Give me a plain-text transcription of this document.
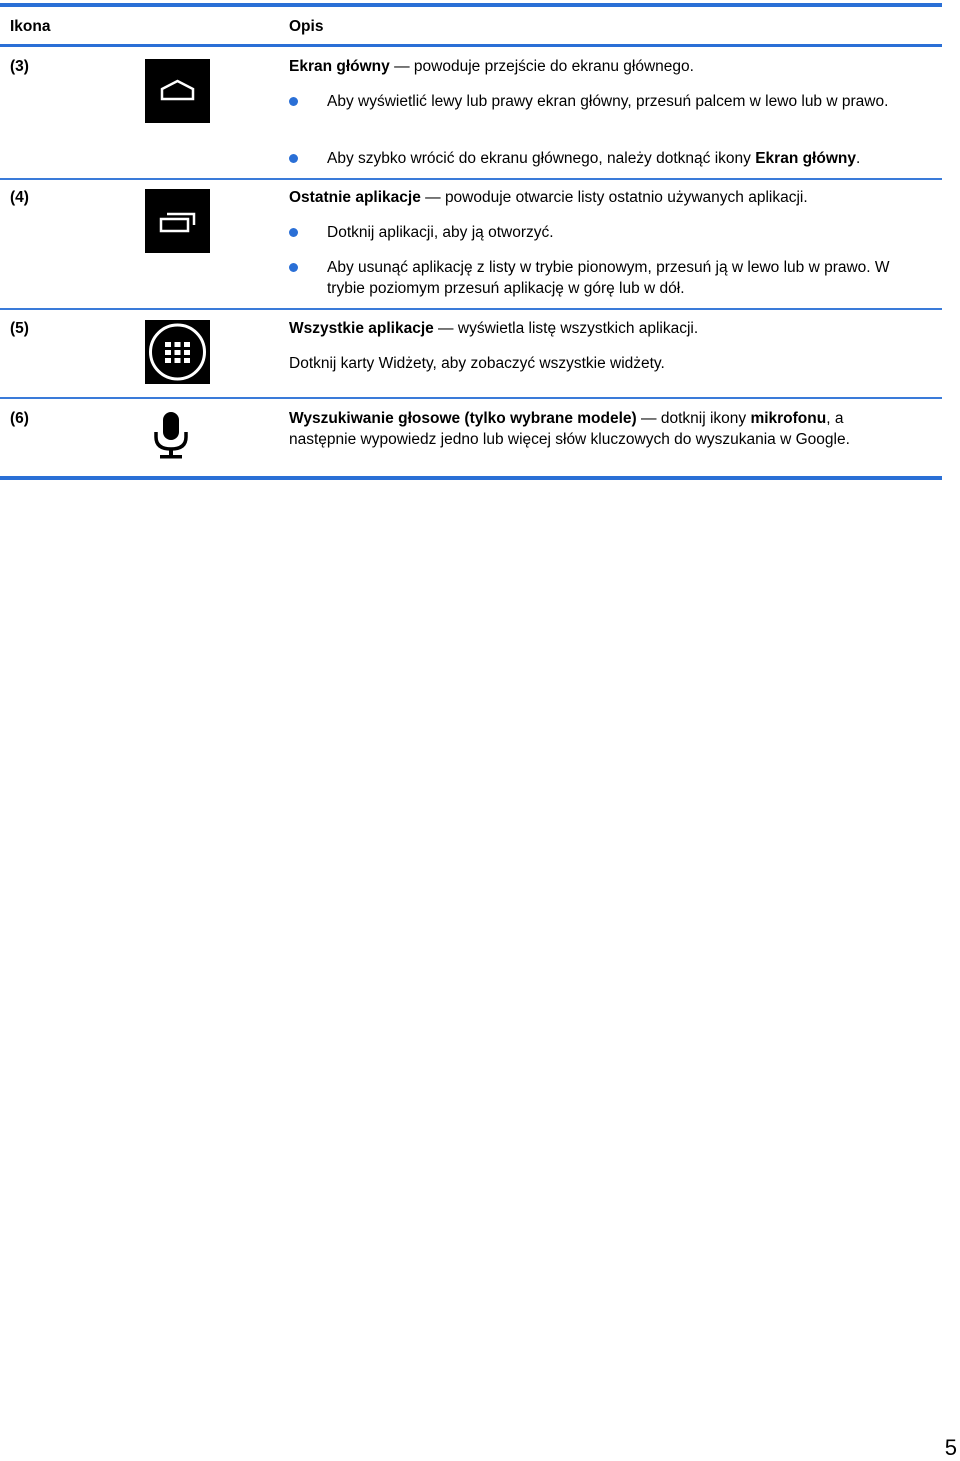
Ikona	Opis
(3)	Ekran główny — powoduje przejście do ekranu głównego.
Aby wyświetlić lewy lub prawy ekran główny, przesuń palcem w lewo lub w prawo.
Aby szybko wrócić do ekranu głównego, należy dotknąć ikony Ekran główny.
(4)	Ostatnie aplikacje — powoduje otwarcie listy ostatnio używanych aplikacji.
Dotknij aplikacji, aby ją otworzyć.
Aby usunąć aplikację z listy w trybie pionowym, przesuń ją w lewo lub w prawo. W trybie poziomym przesuń aplikację w górę lub w dół.
(5)	Wszystkie aplikacje — wyświetla listę wszystkich aplikacji.
Dotknij karty Widżety, aby zobaczyć wszystkie widżety.
(6)	Wyszukiwanie głosowe (tylko wybrane modele) — dotknij ikony mikrofonu, a następnie wypowiedz jedno lub więcej słów kluczowych do wyszukania w Google.
5
